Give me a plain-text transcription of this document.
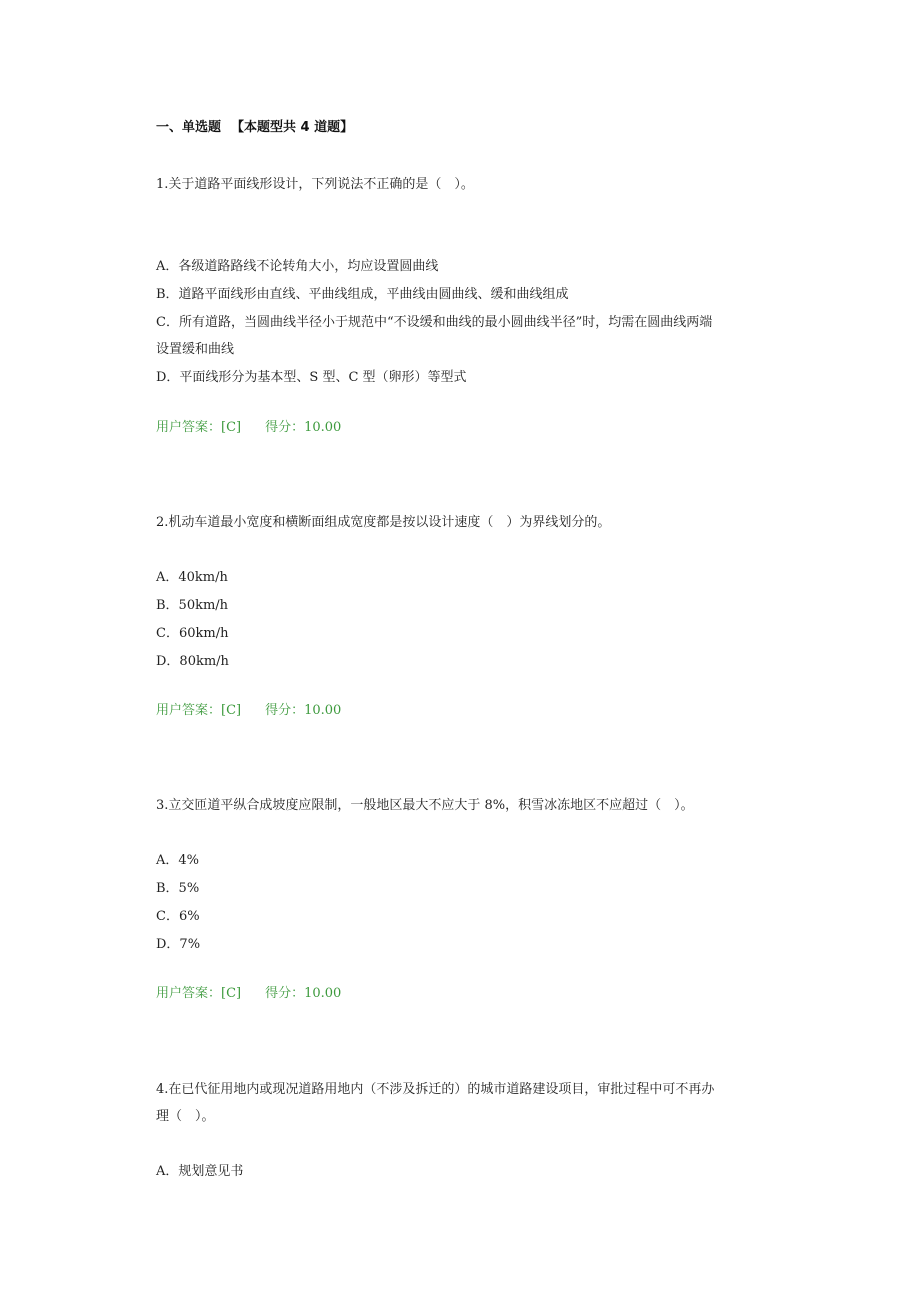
一、单选题 【本题型共 4 道题】
1.关于道路平面线形设计，下列说法不正确的是（　）。
A．各级道路路线不论转角大小，均应设置圆曲线
B．道路平面线形由直线、平曲线组成，平曲线由圆曲线、缓和曲线组成
C．所有道路，当圆曲线半径小于规范中“不设缓和曲线的最小圆曲线半径”时，均需在圆曲线两端
设置缓和曲线
D．平面线形分为基本型、S 型、C 型（卵形）等型式
用户答案：[C] 得分：10.00
2.机动车道最小宽度和横断面组成宽度都是按以设计速度（　）为界线划分的。
A．40km/h
B．50km/h
C．60km/h
D．80km/h
用户答案：[C] 得分：10.00
3.立交匝道平纵合成坡度应限制，一般地区最大不应大于 8%，积雪冰冻地区不应超过（　）。
A．4%
B．5%
C．6%
D．7%
用户答案：[C] 得分：10.00
4.在已代征用地内或现况道路用地内（不涉及拆迁的）的城市道路建设项目，审批过程中可不再办
理（　）。
A．规划意见书
